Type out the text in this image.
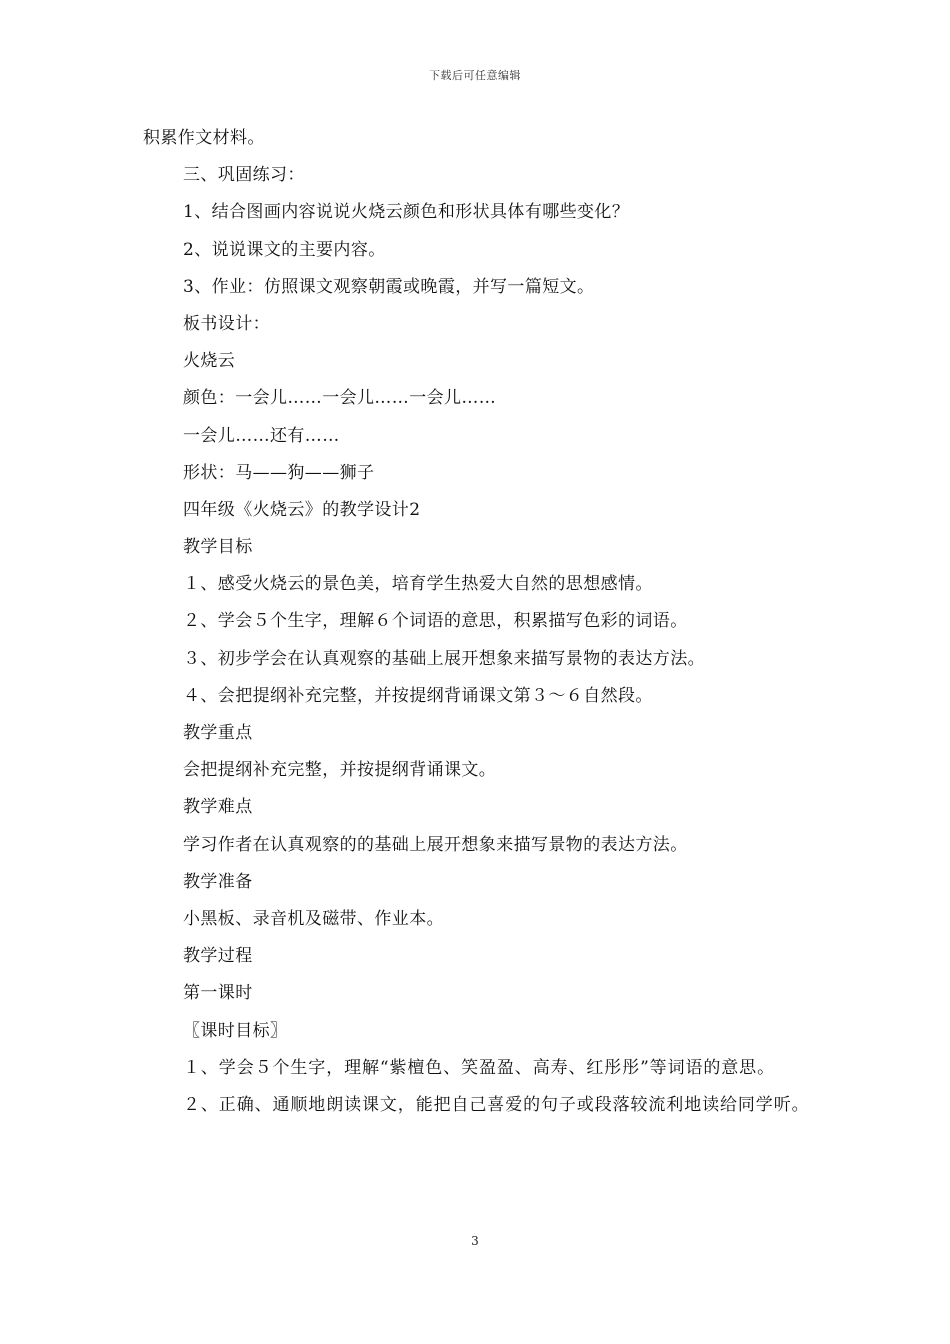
下载后可任意编辑
积累作文材料。
三、巩固练习：
1、结合图画内容说说火烧云颜色和形状具体有哪些变化？
2、说说课文的主要内容。
3、作业：仿照课文观察朝霞或晚霞，并写一篇短文。
板书设计：
火烧云
颜色：一会儿……一会儿……一会儿……
一会儿……还有……
形状：马——狗——狮子
四年级《火烧云》的教学设计2
教学目标
１、感受火烧云的景色美，培育学生热爱大自然的思想感情。
２、学会５个生字，理解６个词语的意思，积累描写色彩的词语。
３、初步学会在认真观察的基础上展开想象来描写景物的表达方法。
４、会把提纲补充完整，并按提纲背诵课文第３～６自然段。
教学重点
会把提纲补充完整，并按提纲背诵课文。
教学难点
学习作者在认真观察的的基础上展开想象来描写景物的表达方法。
教学准备
小黑板、录音机及磁带、作业本。
教学过程
第一课时
〖课时目标〗
１、学会５个生字，理解“紫檀色、笑盈盈、高寿、红彤彤”等词语的意思。
２、正确、通顺地朗读课文，能把自己喜爱的句子或段落较流利地读给同学听。
3
